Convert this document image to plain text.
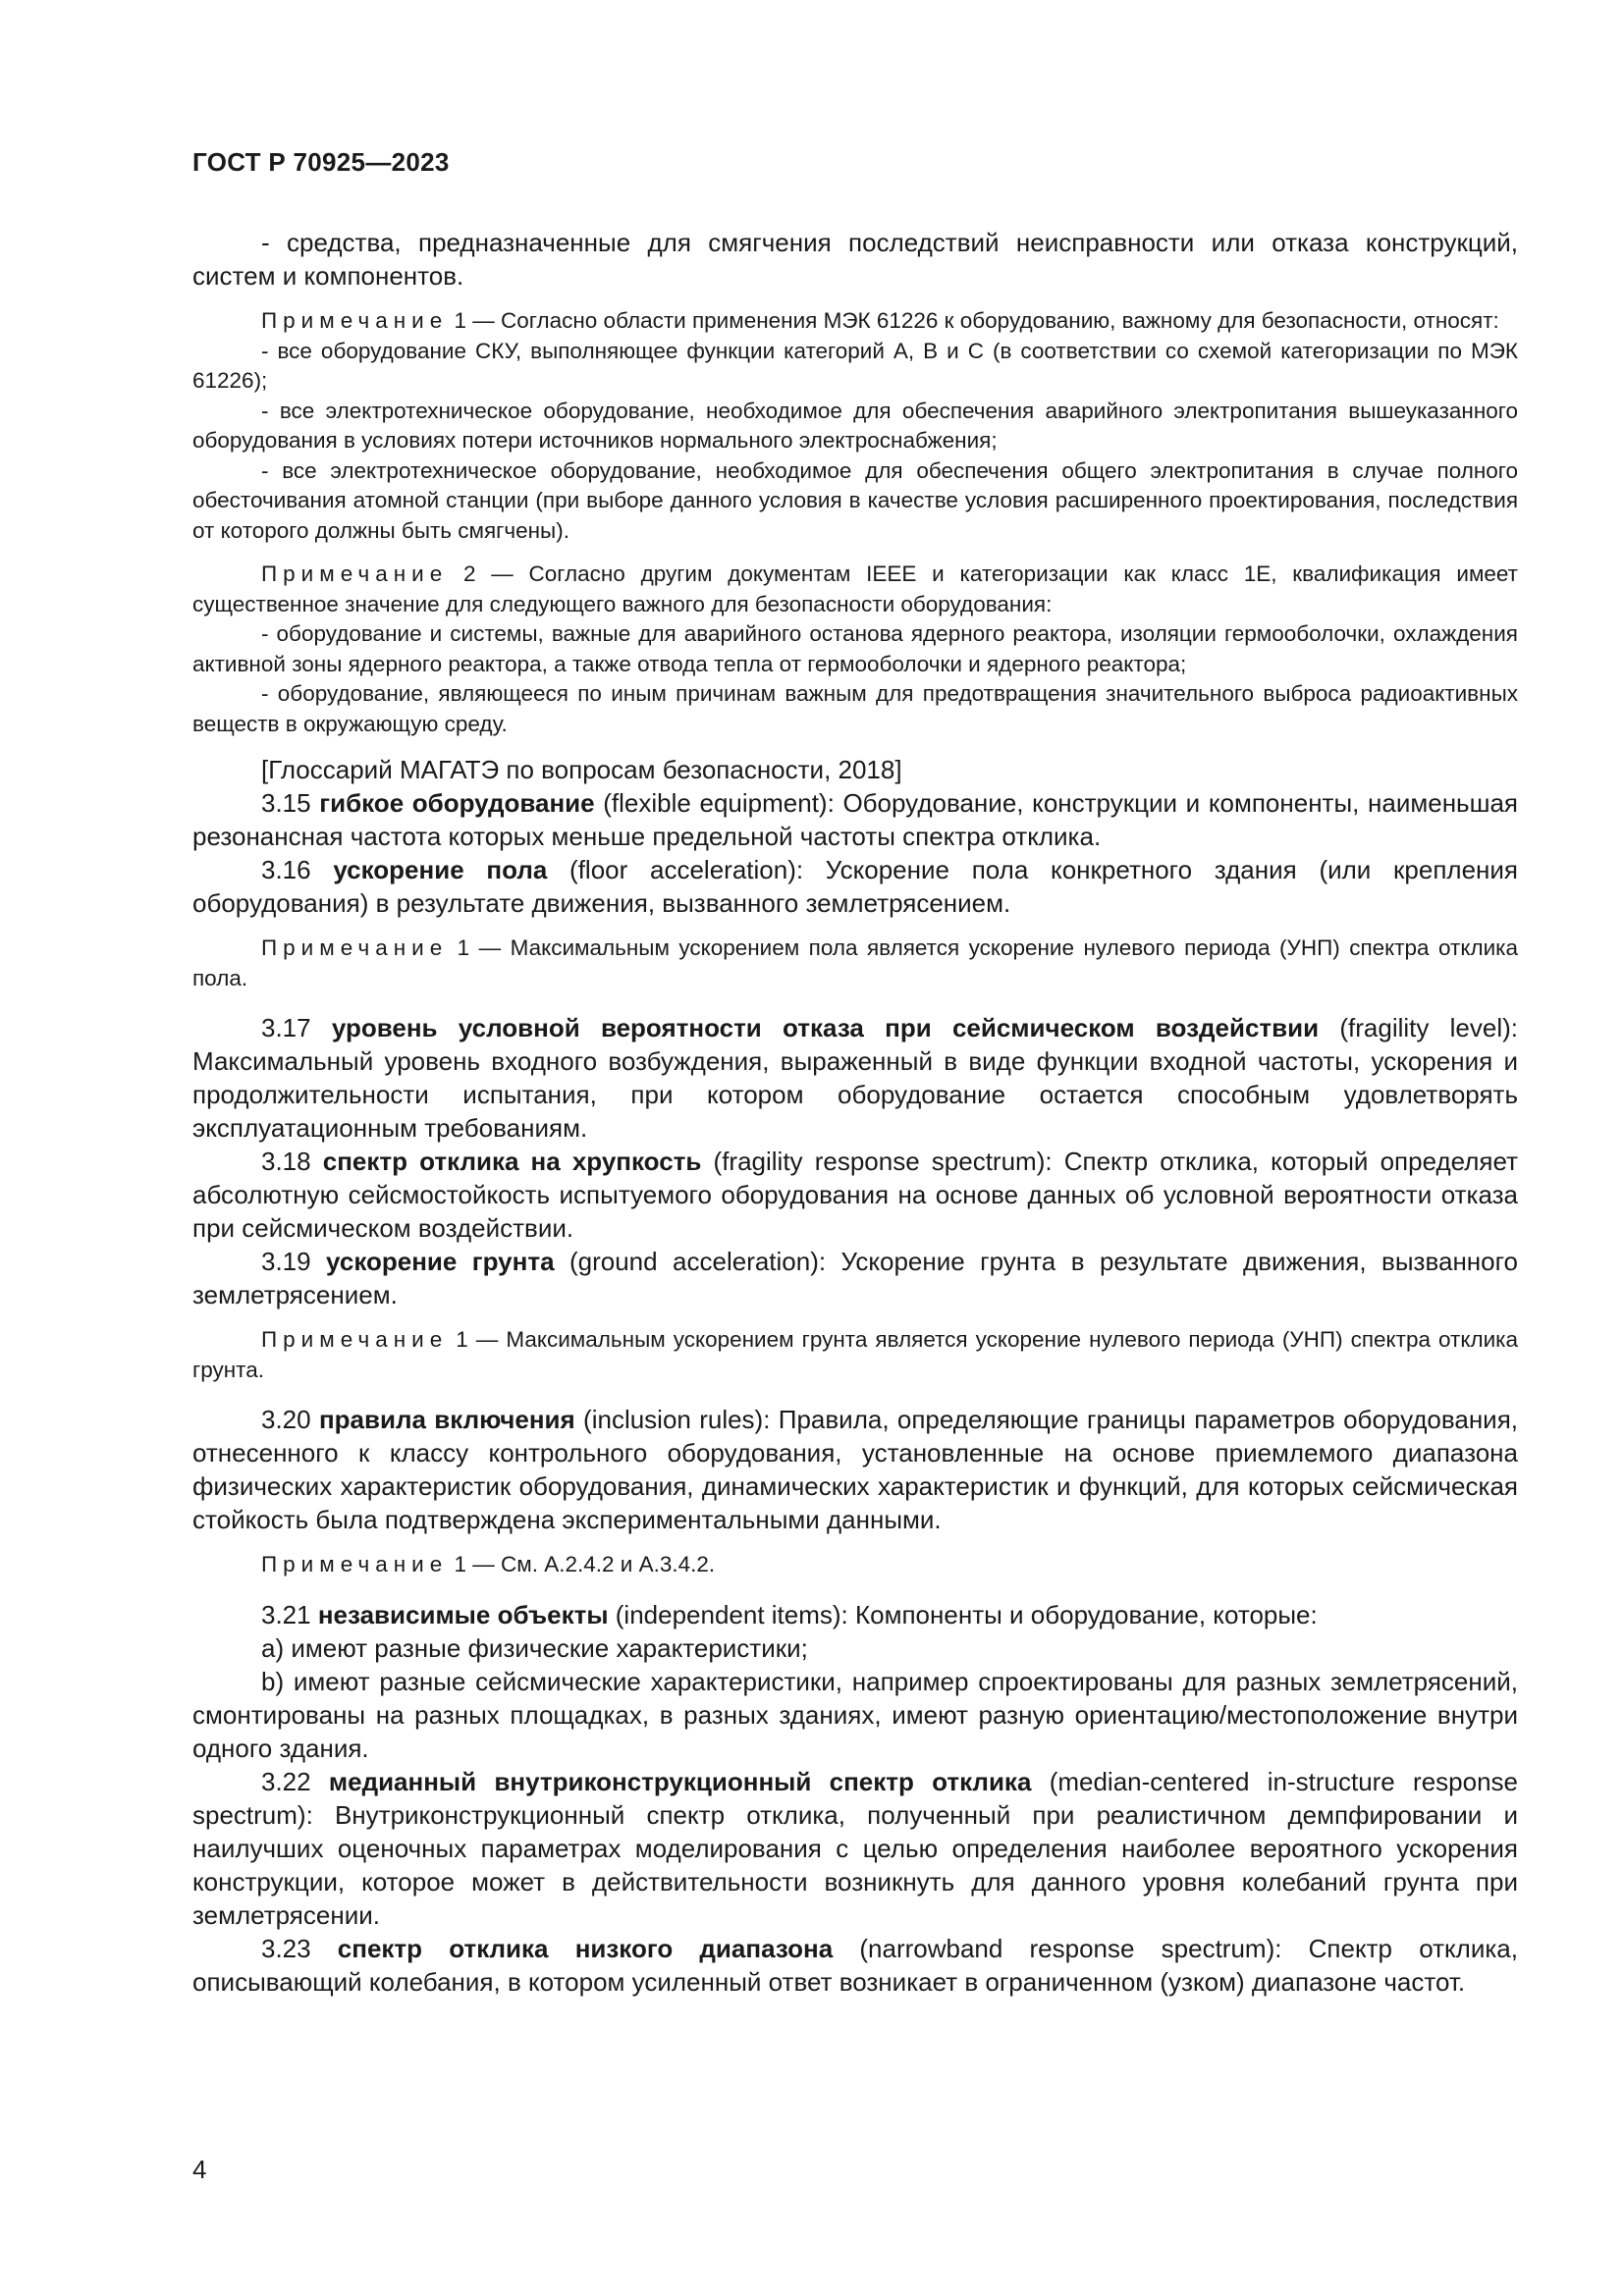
ГОСТ Р 70925—2023

- средства, предназначенные для смягчения последствий неисправности или отказа конструкций, систем и компонентов.

Примечание 1 — Согласно области применения МЭК 61226 к оборудованию, важному для безопасности, относят:

- все оборудование СКУ, выполняющее функции категорий А, В и С (в соответствии со схемой категоризации по МЭК 61226);

- все электротехническое оборудование, необходимое для обеспечения аварийного электропитания вышеуказанного оборудования в условиях потери источников нормального электроснабжения;

- все электротехническое оборудование, необходимое для обеспечения общего электропитания в случае полного обесточивания атомной станции (при выборе данного условия в качестве условия расширенного проектирования, последствия от которого должны быть смягчены).

Примечание 2 — Согласно другим документам IEEE и категоризации как класс 1Е, квалификация имеет существенное значение для следующего важного для безопасности оборудования:

- оборудование и системы, важные для аварийного останова ядерного реактора, изоляции гермооболочки, охлаждения активной зоны ядерного реактора, а также отвода тепла от гермооболочки и ядерного реактора;

- оборудование, являющееся по иным причинам важным для предотвращения значительного выброса радиоактивных веществ в окружающую среду.

[Глоссарий МАГАТЭ по вопросам безопасности, 2018]

3.15 гибкое оборудование (flexible equipment): Оборудование, конструкции и компоненты, наименьшая резонансная частота которых меньше предельной частоты спектра отклика.

3.16 ускорение пола (floor acceleration): Ускорение пола конкретного здания (или крепления оборудования) в результате движения, вызванного землетрясением.

Примечание 1 — Максимальным ускорением пола является ускорение нулевого периода (УНП) спектра отклика пола.

3.17 уровень условной вероятности отказа при сейсмическом воздействии (fragility level): Максимальный уровень входного возбуждения, выраженный в виде функции входной частоты, ускорения и продолжительности испытания, при котором оборудование остается способным удовлетворять эксплуатационным требованиям.

3.18 спектр отклика на хрупкость (fragility response spectrum): Спектр отклика, который определяет абсолютную сейсмостойкость испытуемого оборудования на основе данных об условной вероятности отказа при сейсмическом воздействии.

3.19 ускорение грунта (ground acceleration): Ускорение грунта в результате движения, вызванного землетрясением.

Примечание 1 — Максимальным ускорением грунта является ускорение нулевого периода (УНП) спектра отклика грунта.

3.20 правила включения (inclusion rules): Правила, определяющие границы параметров оборудования, отнесенного к классу контрольного оборудования, установленные на основе приемлемого диапазона физических характеристик оборудования, динамических характеристик и функций, для которых сейсмическая стойкость была подтверждена экспериментальными данными.

Примечание 1 — См. А.2.4.2 и А.3.4.2.

3.21 независимые объекты (independent items): Компоненты и оборудование, которые:

а) имеют разные физические характеристики;

b) имеют разные сейсмические характеристики, например спроектированы для разных землетрясений, смонтированы на разных площадках, в разных зданиях, имеют разную ориентацию/местоположение внутри одного здания.

3.22 медианный внутриконструкционный спектр отклика (median-centered in-structure response spectrum): Внутриконструкционный спектр отклика, полученный при реалистичном демпфировании и наилучших оценочных параметрах моделирования с целью определения наиболее вероятного ускорения конструкции, которое может в действительности возникнуть для данного уровня колебаний грунта при землетрясении.

3.23 спектр отклика низкого диапазона (narrowband response spectrum): Спектр отклика, описывающий колебания, в котором усиленный ответ возникает в ограниченном (узком) диапазоне частот.

4
